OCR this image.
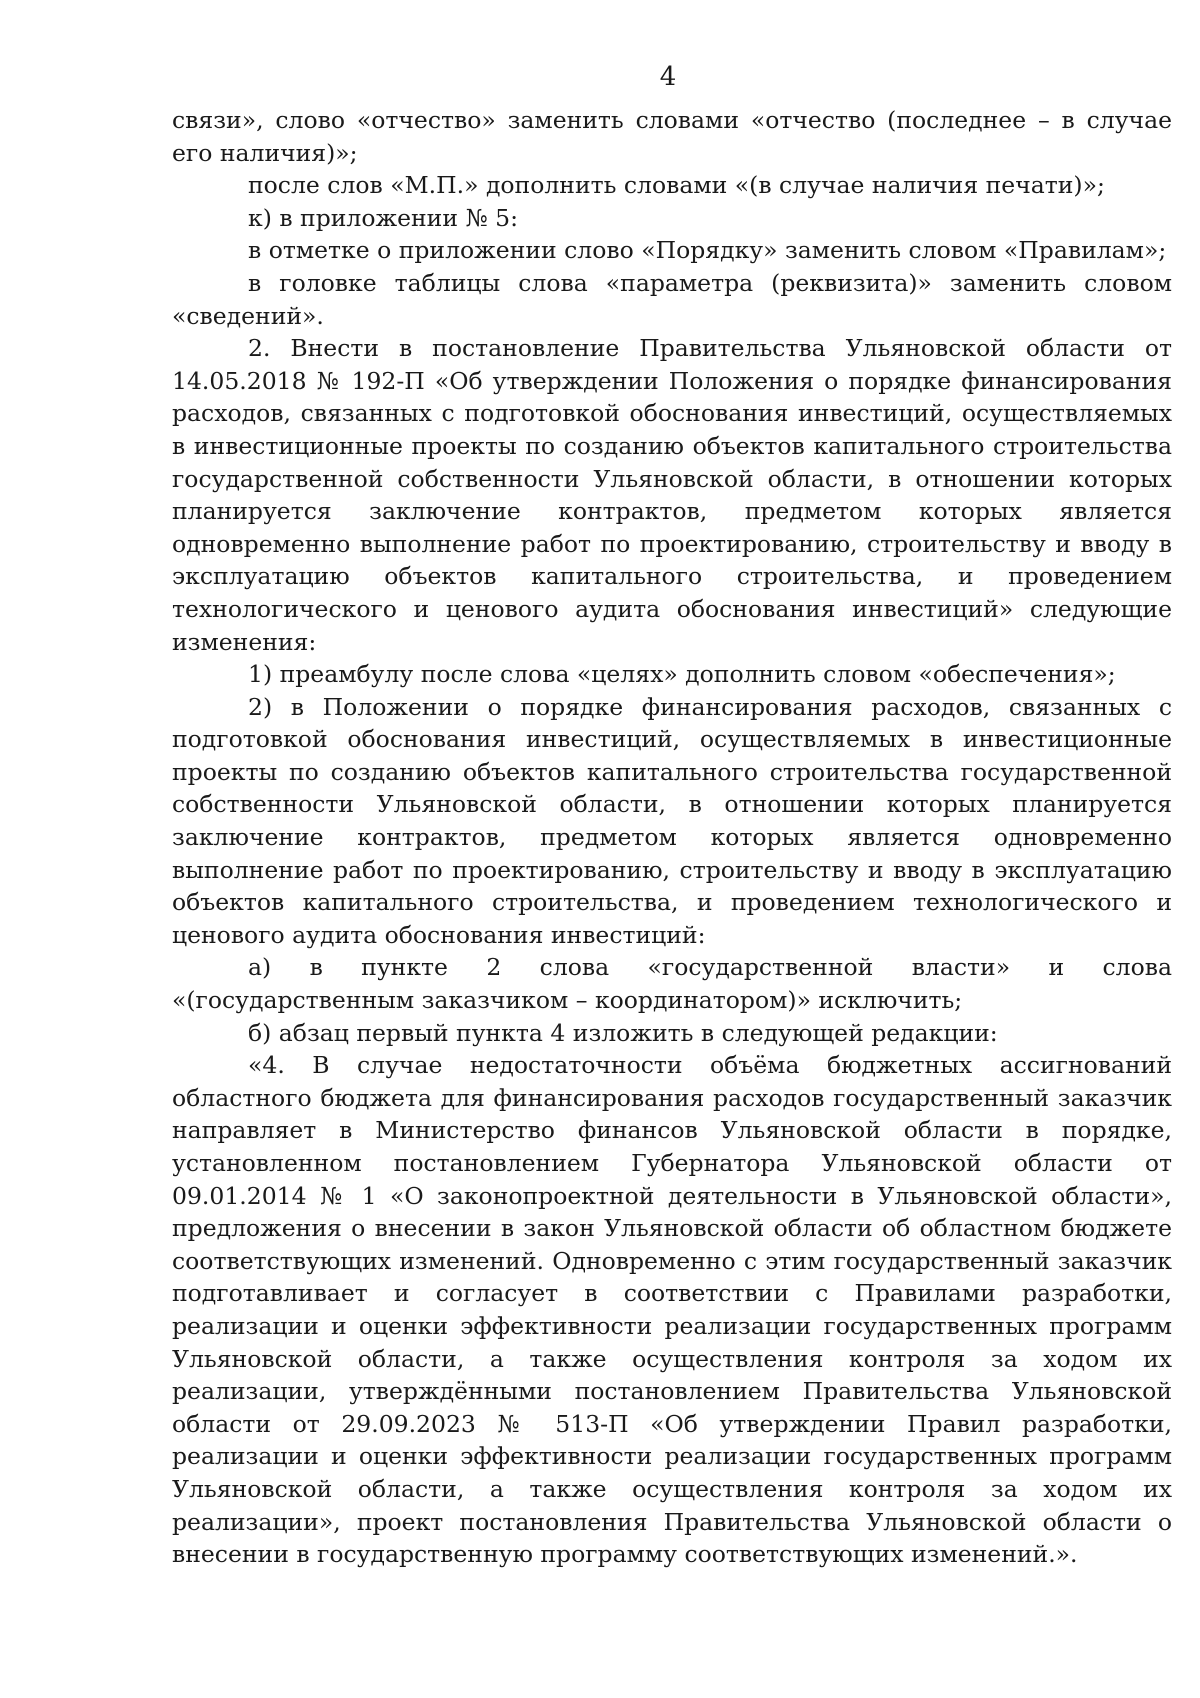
4

связи», слово «отчество» заменить словами «отчество (последнее – в случае его наличия)»;

после слов «М.П.» дополнить словами «(в случае наличия печати)»;

к) в приложении № 5:

в отметке о приложении слово «Порядку» заменить словом «Правилам»;

в головке таблицы слова «параметра (реквизита)» заменить словом «сведений».

2. Внести в постановление Правительства Ульяновской области от 14.05.2018 № 192-П «Об утверждении Положения о порядке финансирования расходов, связанных с подготовкой обоснования инвестиций, осуществляемых в инвестиционные проекты по созданию объектов капитального строительства государственной собственности Ульяновской области, в отношении которых планируется заключение контрактов, предметом которых является одновременно выполнение работ по проектированию, строительству и вводу в эксплуатацию объектов капитального строительства, и проведением технологического и ценового аудита обоснования инвестиций» следующие изменения:

1) преамбулу после слова «целях» дополнить словом «обеспечения»;

2) в Положении о порядке финансирования расходов, связанных с подготовкой обоснования инвестиций, осуществляемых в инвестиционные проекты по созданию объектов капитального строительства государственной собственности Ульяновской области, в отношении которых планируется заключение контрактов, предметом которых является одновременно выполнение работ по проектированию, строительству и вводу в эксплуатацию объектов капитального строительства, и проведением технологического и ценового аудита обоснования инвестиций:

а) в пункте 2 слова «государственной власти» и слова «(государственным заказчиком – координатором)» исключить;

б) абзац первый пункта 4 изложить в следующей редакции:

«4. В случае недостаточности объёма бюджетных ассигнований областного бюджета для финансирования расходов государственный заказчик направляет в Министерство финансов Ульяновской области в порядке, установленном постановлением Губернатора Ульяновской области от 09.01.2014 № 1 «О законопроектной деятельности в Ульяновской области», предложения о внесении в закон Ульяновской области об областном бюджете соответствующих изменений. Одновременно с этим государственный заказчик подготавливает и согласует в соответствии с Правилами разработки, реализации и оценки эффективности реализации государственных программ Ульяновской области, а также осуществления контроля за ходом их реализации, утверждёнными постановлением Правительства Ульяновской области от 29.09.2023 № 513-П «Об утверждении Правил разработки, реализации и оценки эффективности реализации государственных программ Ульяновской области, а также осуществления контроля за ходом их реализации», проект постановления Правительства Ульяновской области о внесении в государственную программу соответствующих изменений.».
